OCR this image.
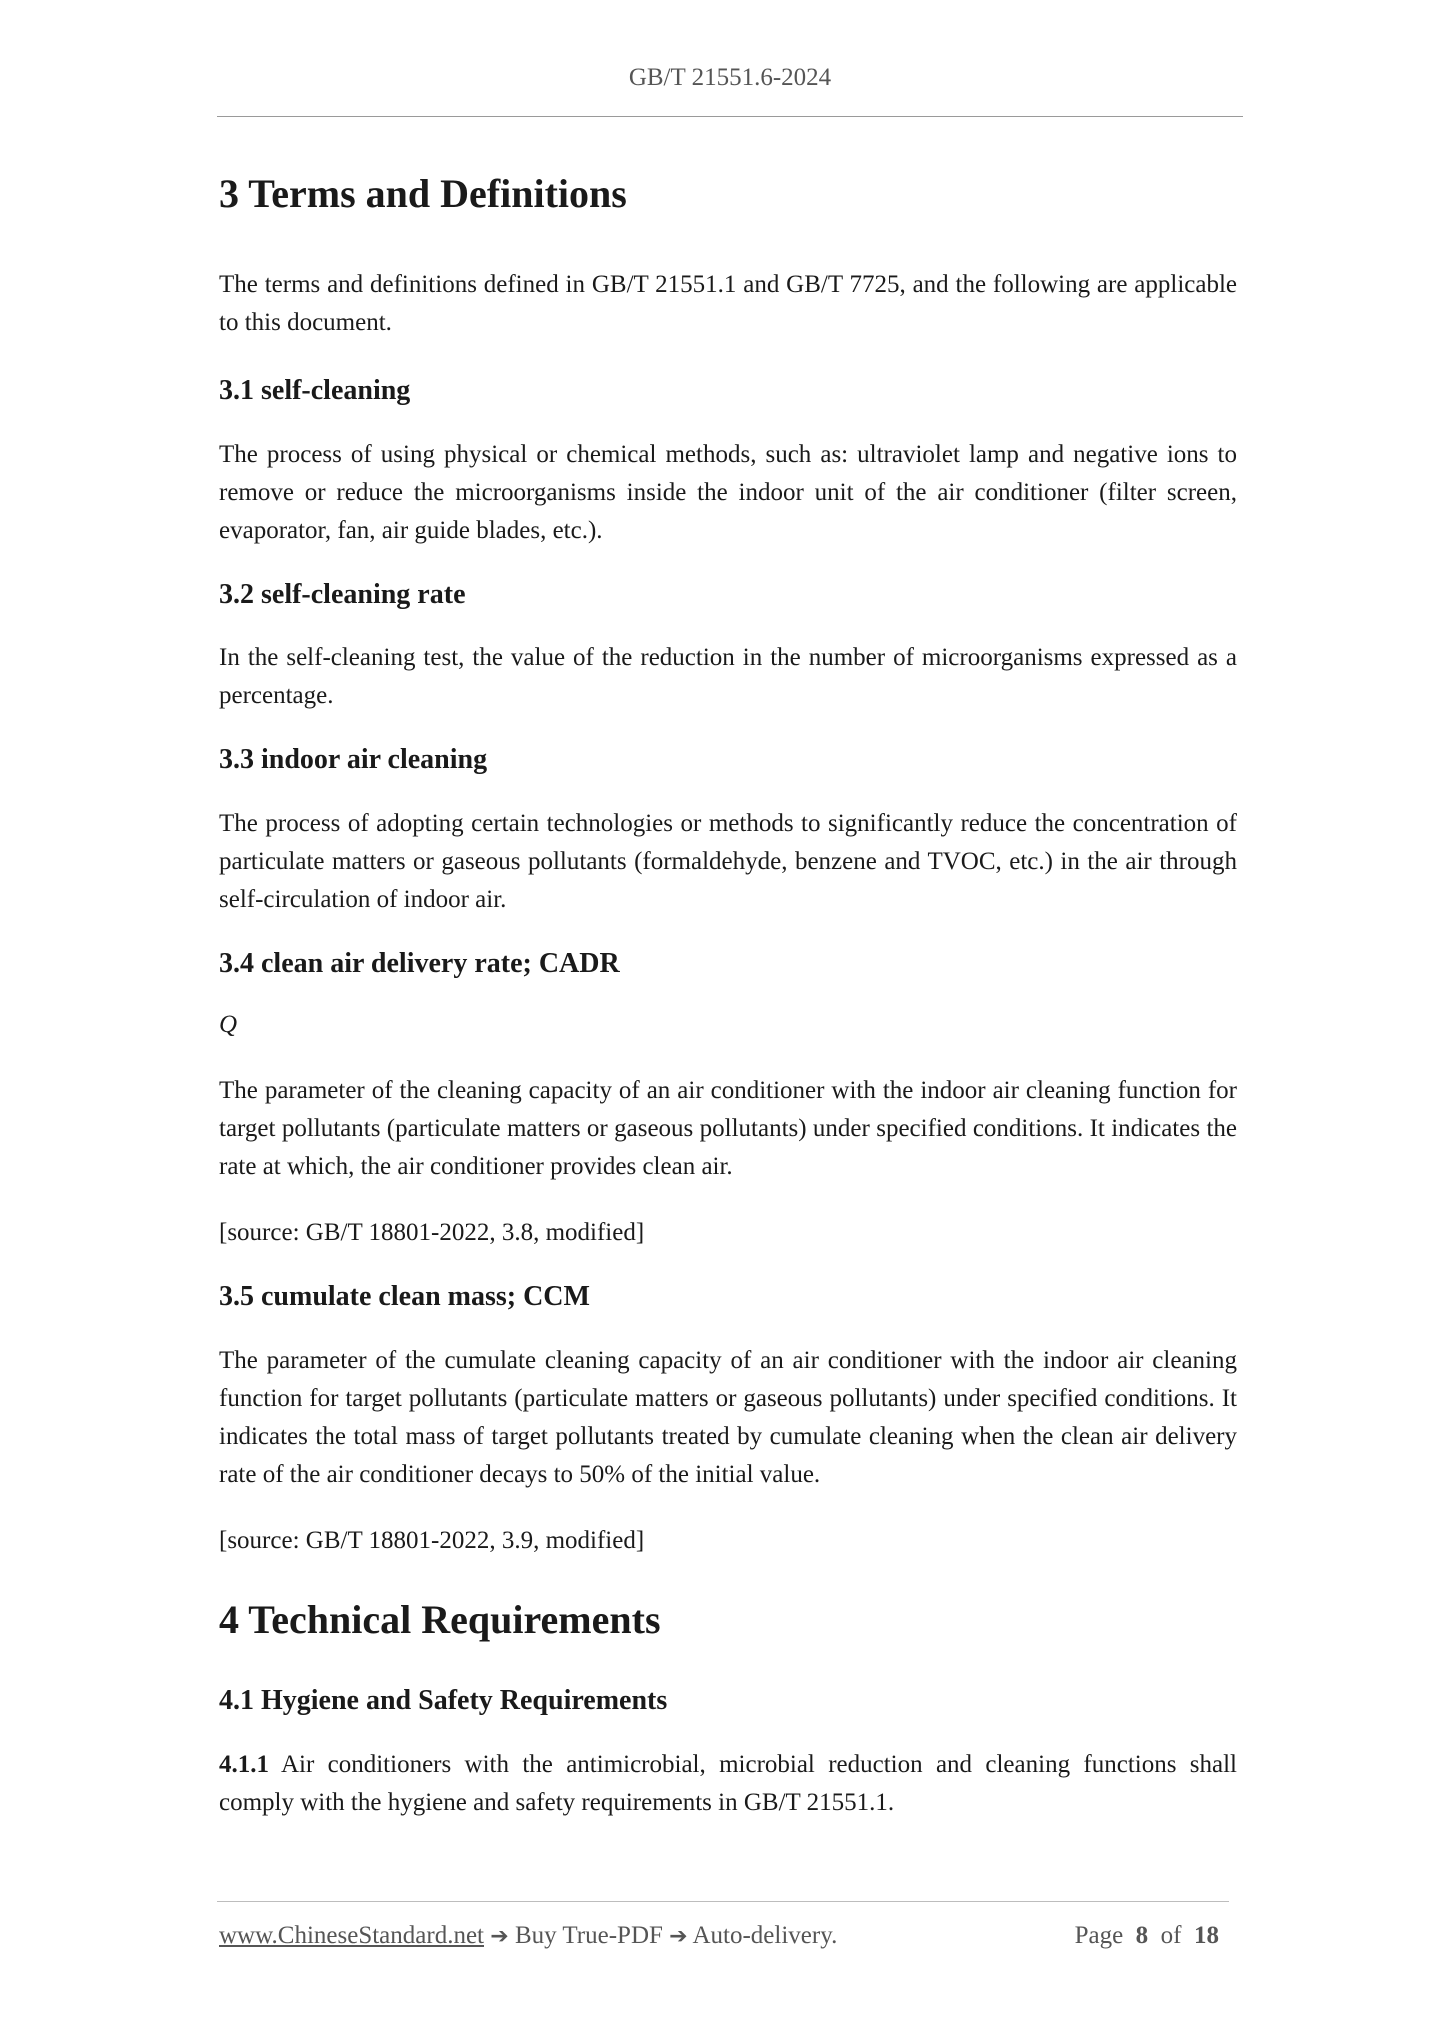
GB/T 21551.6-2024
3 Terms and Definitions

The terms and definitions defined in GB/T 21551.1 and GB/T 7725, and the following are applicable to this document.

3.1 self-cleaning

The process of using physical or chemical methods, such as: ultraviolet lamp and negative ions to remove or reduce the microorganisms inside the indoor unit of the air conditioner (filter screen, evaporator, fan, air guide blades, etc.).

3.2 self-cleaning rate

In the self-cleaning test, the value of the reduction in the number of microorganisms expressed as a percentage.

3.3 indoor air cleaning

The process of adopting certain technologies or methods to significantly reduce the concentration of particulate matters or gaseous pollutants (formaldehyde, benzene and TVOC, etc.) in the air through self-circulation of indoor air.

3.4 clean air delivery rate; CADR

Q

The parameter of the cleaning capacity of an air conditioner with the indoor air cleaning function for target pollutants (particulate matters or gaseous pollutants) under specified conditions. It indicates the rate at which, the air conditioner provides clean air.

[source: GB/T 18801-2022, 3.8, modified]

3.5 cumulate clean mass; CCM

The parameter of the cumulate cleaning capacity of an air conditioner with the indoor air cleaning function for target pollutants (particulate matters or gaseous pollutants) under specified conditions. It indicates the total mass of target pollutants treated by cumulate cleaning when the clean air delivery rate of the air conditioner decays to 50% of the initial value.

[source: GB/T 18801-2022, 3.9, modified]

4 Technical Requirements
4.1 Hygiene and Safety Requirements

4.1.1 Air conditioners with the antimicrobial, microbial reduction and cleaning functions shall comply with the hygiene and safety requirements in GB/T 21551.1.

www.ChineseStandard.net ➔ Buy True-PDF ➔ Auto-delivery.	Page 8 of 18
